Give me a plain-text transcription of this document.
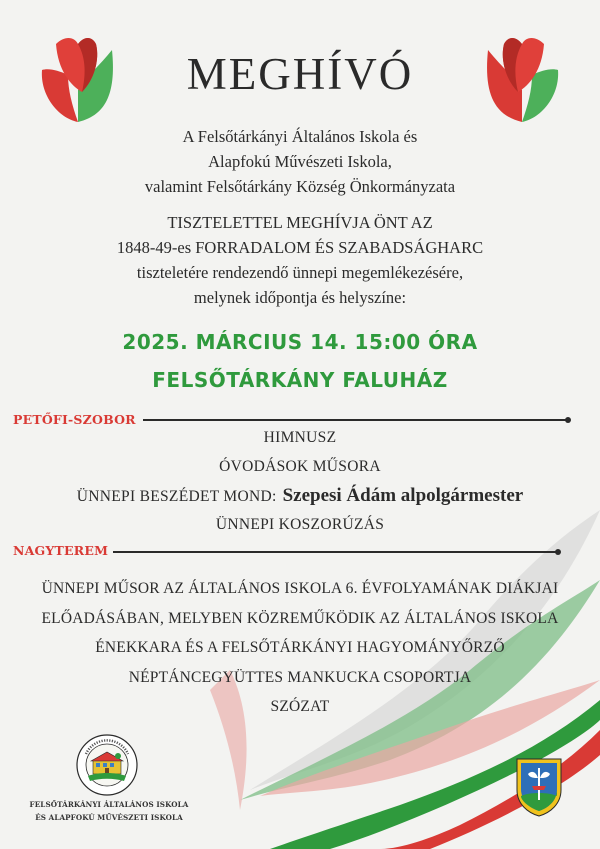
MEGHÍVÓ
A Felsőtárkányi Általános Iskola és
Alapfokú Művészeti Iskola,
valamint Felsőtárkány Község Önkormányzata
TISZTELETTEL MEGHÍVJA ÖNT AZ
1848-49-es FORRADALOM ÉS SZABADSÁGHARC
tiszteletére rendezendő ünnepi megemlékezésére,
melynek időpontja és helyszíne:
2025. MÁRCIUS 14. 15:00 ÓRA
FELSŐTÁRKÁNY FALUHÁZ
PETŐFI-SZOBOR
HIMNUSZ
ÓVODÁSOK MŰSORA
ÜNNEPI BESZÉDET MOND: Szepesi Ádám alpolgármester
ÜNNEPI KOSZORÚZÁS
NAGYTEREM
ÜNNEPI MŰSOR AZ ÁLTALÁNOS ISKOLA 6. ÉVFOLYAMÁNAK DIÁKJAI
ELŐADÁSÁBAN, MELYBEN KÖZREMŰKÖDIK AZ ÁLTALÁNOS ISKOLA
ÉNEKKARA ÉS A FELSŐTÁRKÁNYI HAGYOMÁNYŐRZŐ
NÉPTÁNCEGYÜTTES MANKUCKA CSOPORTJA
SZÓZAT
FELSŐTÁRKÁNYI ÁLTALÁNOS ISKOLA
ÉS ALAPFOKÚ MŰVÉSZETI ISKOLA
